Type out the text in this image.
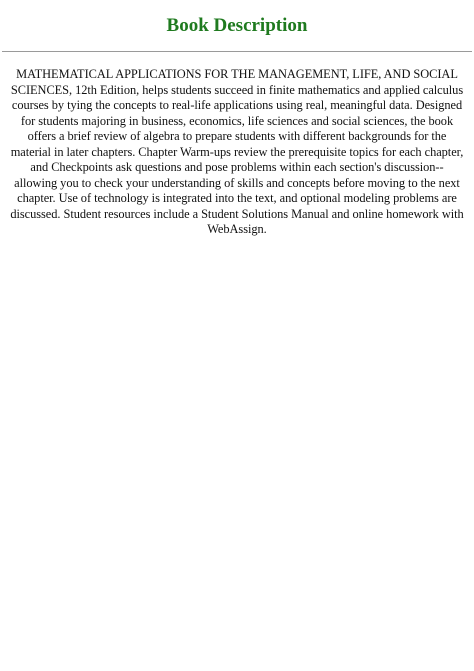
Book Description

MATHEMATICAL APPLICATIONS FOR THE MANAGEMENT, LIFE, AND SOCIAL SCIENCES, 12th Edition, helps students succeed in finite mathematics and applied calculus courses by tying the concepts to real-life applications using real, meaningful data. Designed for students majoring in business, economics, life sciences and social sciences, the book offers a brief review of algebra to prepare students with different backgrounds for the material in later chapters. Chapter Warm-ups review the prerequisite topics for each chapter, and Checkpoints ask questions and pose problems within each section's discussion--allowing you to check your understanding of skills and concepts before moving to the next chapter. Use of technology is integrated into the text, and optional modeling problems are discussed. Student resources include a Student Solutions Manual and online homework with WebAssign.
